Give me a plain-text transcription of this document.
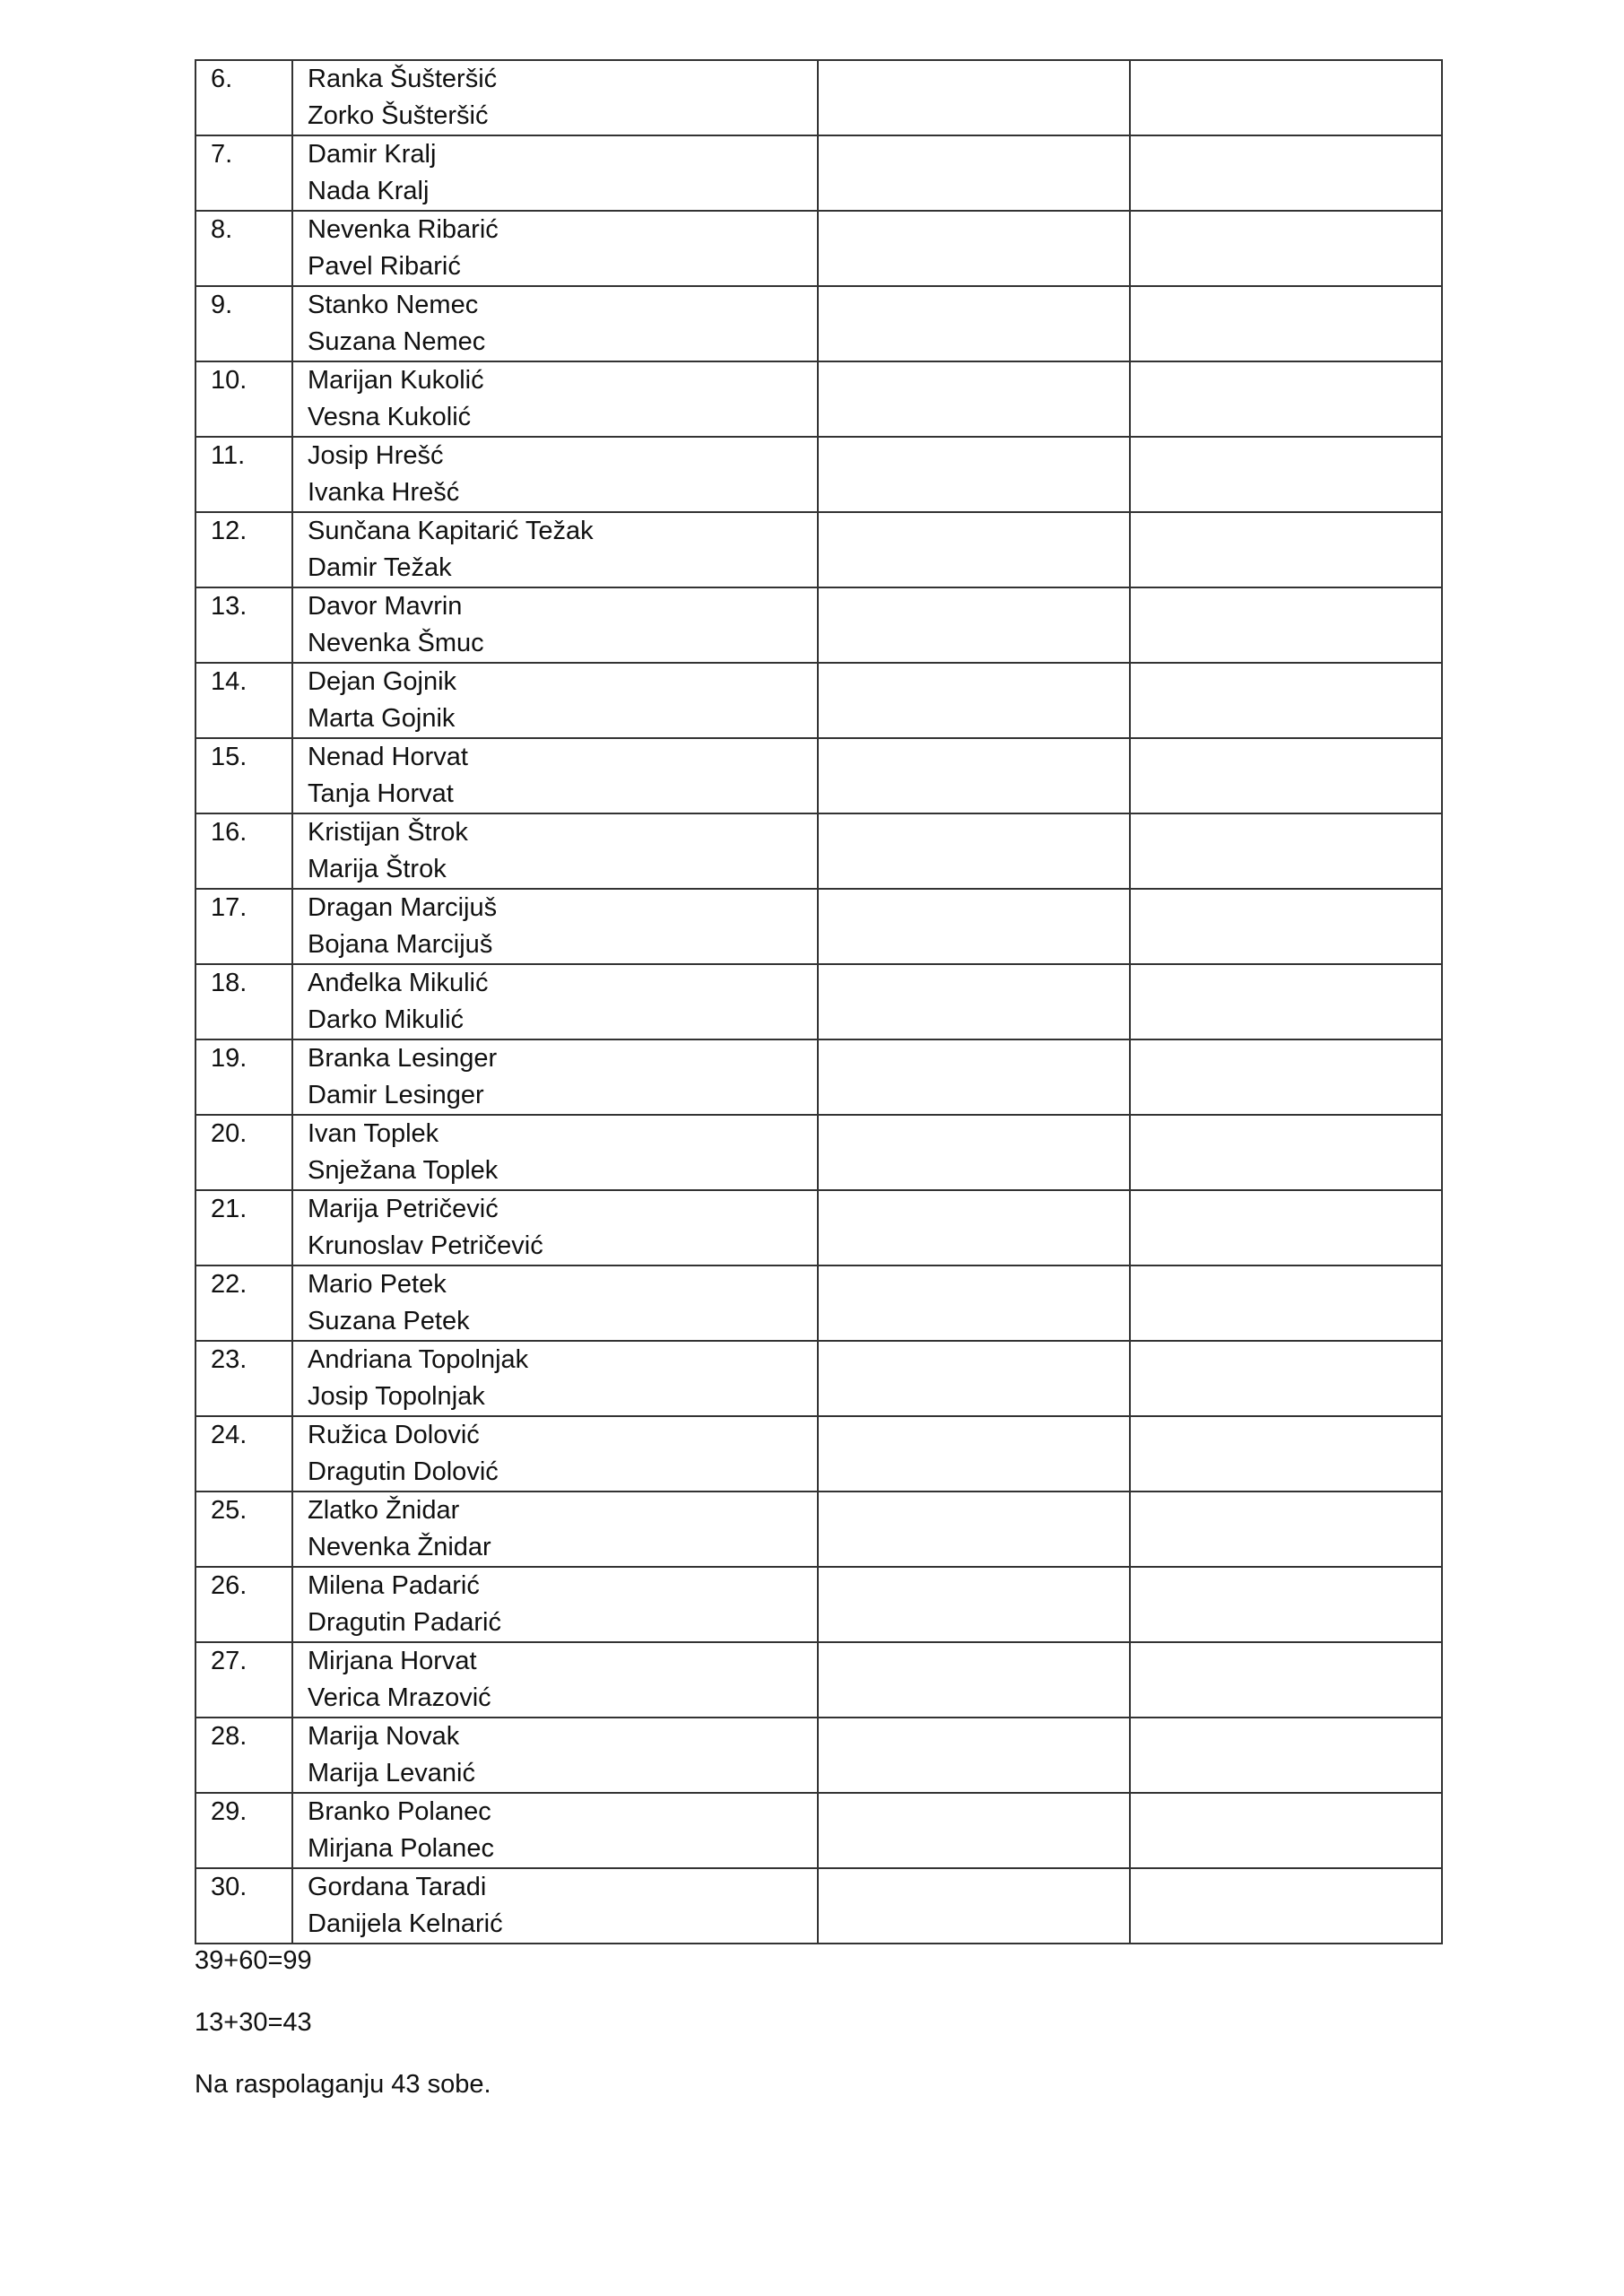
6.	Ranka Šušteršić
Zorko Šušteršić		

7.	Damir Kralj
Nada Kralj		

8.	Nevenka Ribarić
Pavel Ribarić		

9.	Stanko Nemec
Suzana Nemec		

10.	Marijan Kukolić
Vesna Kukolić		

11.	Josip Hrešć
Ivanka Hrešć		

12.	Sunčana Kapitarić Težak
Damir Težak		

13.	Davor Mavrin
Nevenka Šmuc		

14.	Dejan Gojnik
Marta Gojnik		

15.	Nenad Horvat
Tanja Horvat		

16.	Kristijan Štrok
Marija Štrok		

17.	Dragan Marcijuš
Bojana Marcijuš		

18.	Anđelka Mikulić
Darko Mikulić		

19.	Branka Lesinger
Damir Lesinger		

20.	Ivan Toplek
Snježana Toplek		

21.	Marija Petričević
Krunoslav Petričević		

22.	Mario Petek
Suzana Petek		

23.	Andriana Topolnjak
Josip Topolnjak		

24.	Ružica Dolović
Dragutin Dolović		

25.	Zlatko Žnidar
Nevenka Žnidar		

26.	Milena Padarić
Dragutin Padarić		

27.	Mirjana Horvat
Verica Mrazović		

28.	Marija Novak
Marija Levanić		

29.	Branko Polanec
Mirjana Polanec		

30.	Gordana Taradi
Danijela Kelnarić		

39+60=99
13+30=43
Na raspolaganju 43 sobe.
